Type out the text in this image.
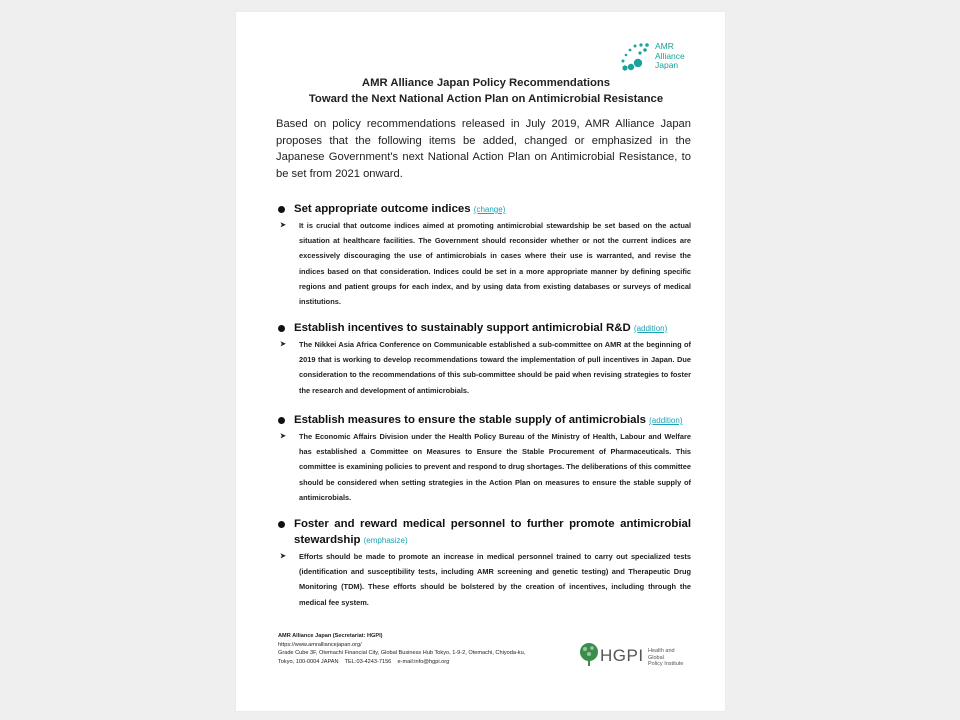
AMR
Alliance
Japan
AMR Alliance Japan Policy Recommendations
Toward the Next National Action Plan on Antimicrobial Resistance
Based on policy recommendations released in July 2019, AMR Alliance Japan proposes that the following items be added, changed or emphasized in the Japanese Government's next National Action Plan on Antimicrobial Resistance, to be set from 2021 onward.
Set appropriate outcome indices (change)
➤ It is crucial that outcome indices aimed at promoting antimicrobial stewardship be set based on the actual situation at healthcare facilities. The Government should reconsider whether or not the current indices are excessively discouraging the use of antimicrobials in cases where their use is warranted, and revise the indices based on that consideration. Indices could be set in a more appropriate manner by defining specific regions and patient groups for each index, and by using data from existing databases or surveys of medical institutions.

Establish incentives to sustainably support antimicrobial R&D (addition)
➤ The Nikkei Asia Africa Conference on Communicable established a sub-committee on AMR at the beginning of 2019 that is working to develop recommendations toward the implementation of pull incentives in Japan. Due consideration to the recommendations of this sub-committee should be paid when revising strategies to foster the research and development of antimicrobials.

Establish measures to ensure the stable supply of antimicrobials (addition)
➤ The Economic Affairs Division under the Health Policy Bureau of the Ministry of Health, Labour and Welfare has established a Committee on Measures to Ensure the Stable Procurement of Pharmaceuticals. This committee is examining policies to prevent and respond to drug shortages. The deliberations of this committee should be considered when setting strategies in the Action Plan on measures to ensure the stable supply of antimicrobials.

Foster and reward medical personnel to further promote antimicrobial stewardship (emphasize)
➤ Efforts should be made to promote an increase in medical personnel trained to carry out specialized tests (identification and susceptibility tests, including AMR screening and genetic testing) and Therapeutic Drug Monitoring (TDM). These efforts should be bolstered by the creation of incentives, including through the medical fee system.

AMR Alliance Japan (Secretariat: HGPI)
https://www.amralliancejapan.org/
Grade Cube 3F, Otemachi Financial City, Global Business Hub Tokyo, 1-9-2, Otemachi, Chiyoda-ku,
Tokyo, 100-0004 JAPAN    TEL:03-4243-7156    e-mail:info@hgpi.org	HGPI Health and Global
Policy Institute
